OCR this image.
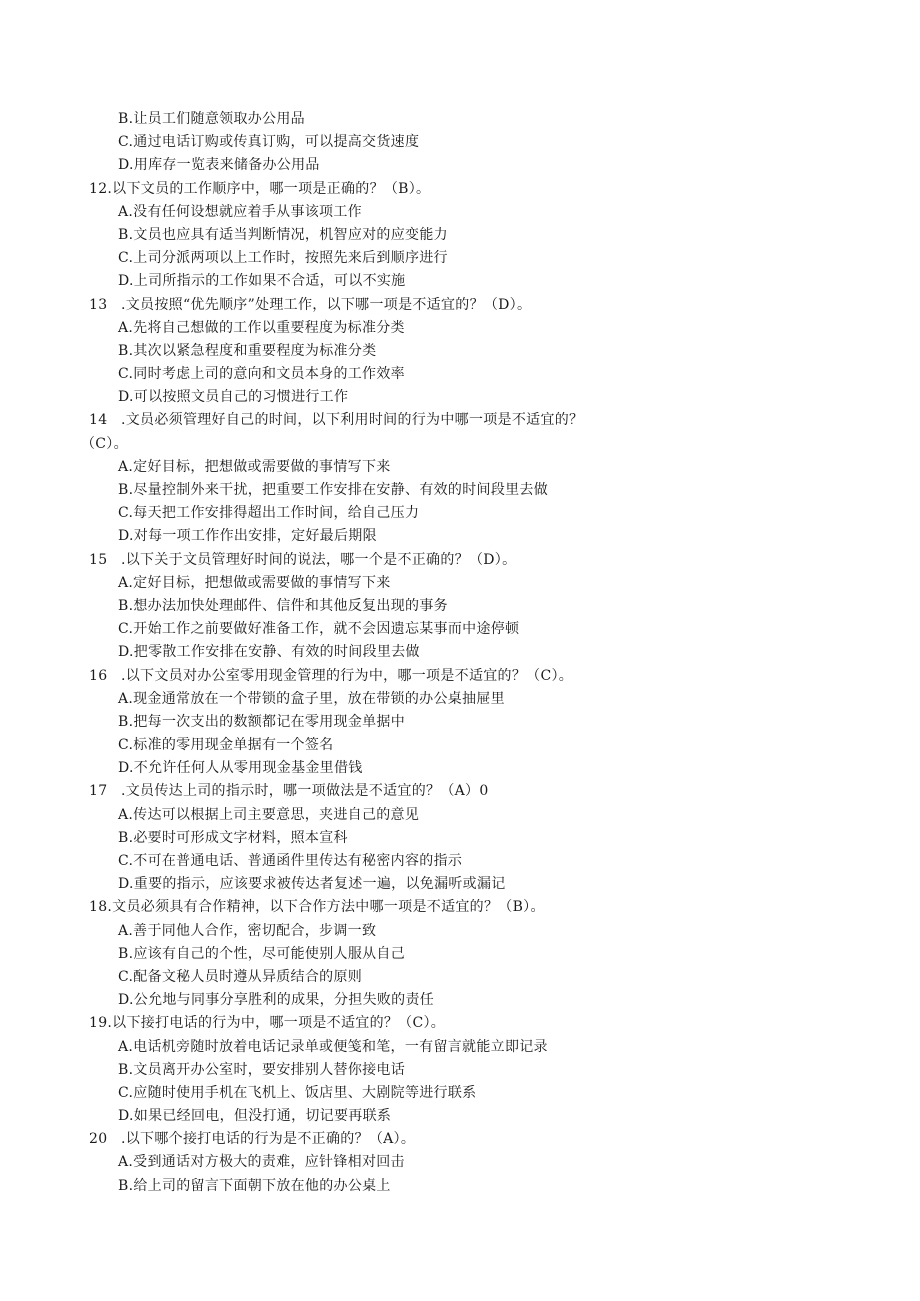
B.让员工们随意领取办公用品
C.通过电话订购或传真订购，可以提高交货速度
D.用库存一览表来储备办公用品
12.以下文员的工作顺序中，哪一项是正确的？（B）。
A.没有任何设想就应着手从事该项工作
B.文员也应具有适当判断情况，机智应对的应变能力
C.上司分派两项以上工作时，按照先来后到顺序进行
D.上司所指示的工作如果不合适，可以不实施
13 .文员按照“优先顺序”处理工作，以下哪一项是不适宜的？（D）。
A.先将自己想做的工作以重要程度为标准分类
B.其次以紧急程度和重要程度为标准分类
C.同时考虑上司的意向和文员本身的工作效率
D.可以按照文员自己的习惯进行工作
14 .文员必须管理好自己的时间，以下利用时间的行为中哪一项是不适宜的？
（C）。
A.定好目标，把想做或需要做的事情写下来
B.尽量控制外来干扰，把重要工作安排在安静、有效的时间段里去做
C.每天把工作安排得超出工作时间，给自己压力
D.对每一项工作作出安排，定好最后期限
15 .以下关于文员管理好时间的说法，哪一个是不正确的？（D）。
A.定好目标，把想做或需要做的事情写下来
B.想办法加快处理邮件、信件和其他反复出现的事务
C.开始工作之前要做好准备工作，就不会因遗忘某事而中途停顿
D.把零散工作安排在安静、有效的时间段里去做
16 .以下文员对办公室零用现金管理的行为中，哪一项是不适宜的？（C）。
A.现金通常放在一个带锁的盒子里，放在带锁的办公桌抽屉里
B.把每一次支出的数额都记在零用现金单据中
C.标准的零用现金单据有一个签名
D.不允许任何人从零用现金基金里借钱
17 .文员传达上司的指示时，哪一项做法是不适宜的？（A）0
A.传达可以根据上司主要意思，夹进自己的意见
B.必要时可形成文字材料，照本宣科
C.不可在普通电话、普通函件里传达有秘密内容的指示
D.重要的指示，应该要求被传达者复述一遍，以免漏听或漏记
18.文员必须具有合作精神，以下合作方法中哪一项是不适宜的？（B）。
A.善于同他人合作，密切配合，步调一致
B.应该有自己的个性，尽可能使别人服从自己
C.配备文秘人员时遵从异质结合的原则
D.公允地与同事分享胜利的成果，分担失败的责任
19.以下接打电话的行为中，哪一项是不适宜的？（C）。
A.电话机旁随时放着电话记录单或便笺和笔，一有留言就能立即记录
B.文员离开办公室时，要安排别人替你接电话
C.应随时使用手机在飞机上、饭店里、大剧院等进行联系
D.如果已经回电，但没打通，切记要再联系
20 .以下哪个接打电话的行为是不正确的？（A）。
A.受到通话对方极大的责难，应针锋相对回击
B.给上司的留言下面朝下放在他的办公桌上
